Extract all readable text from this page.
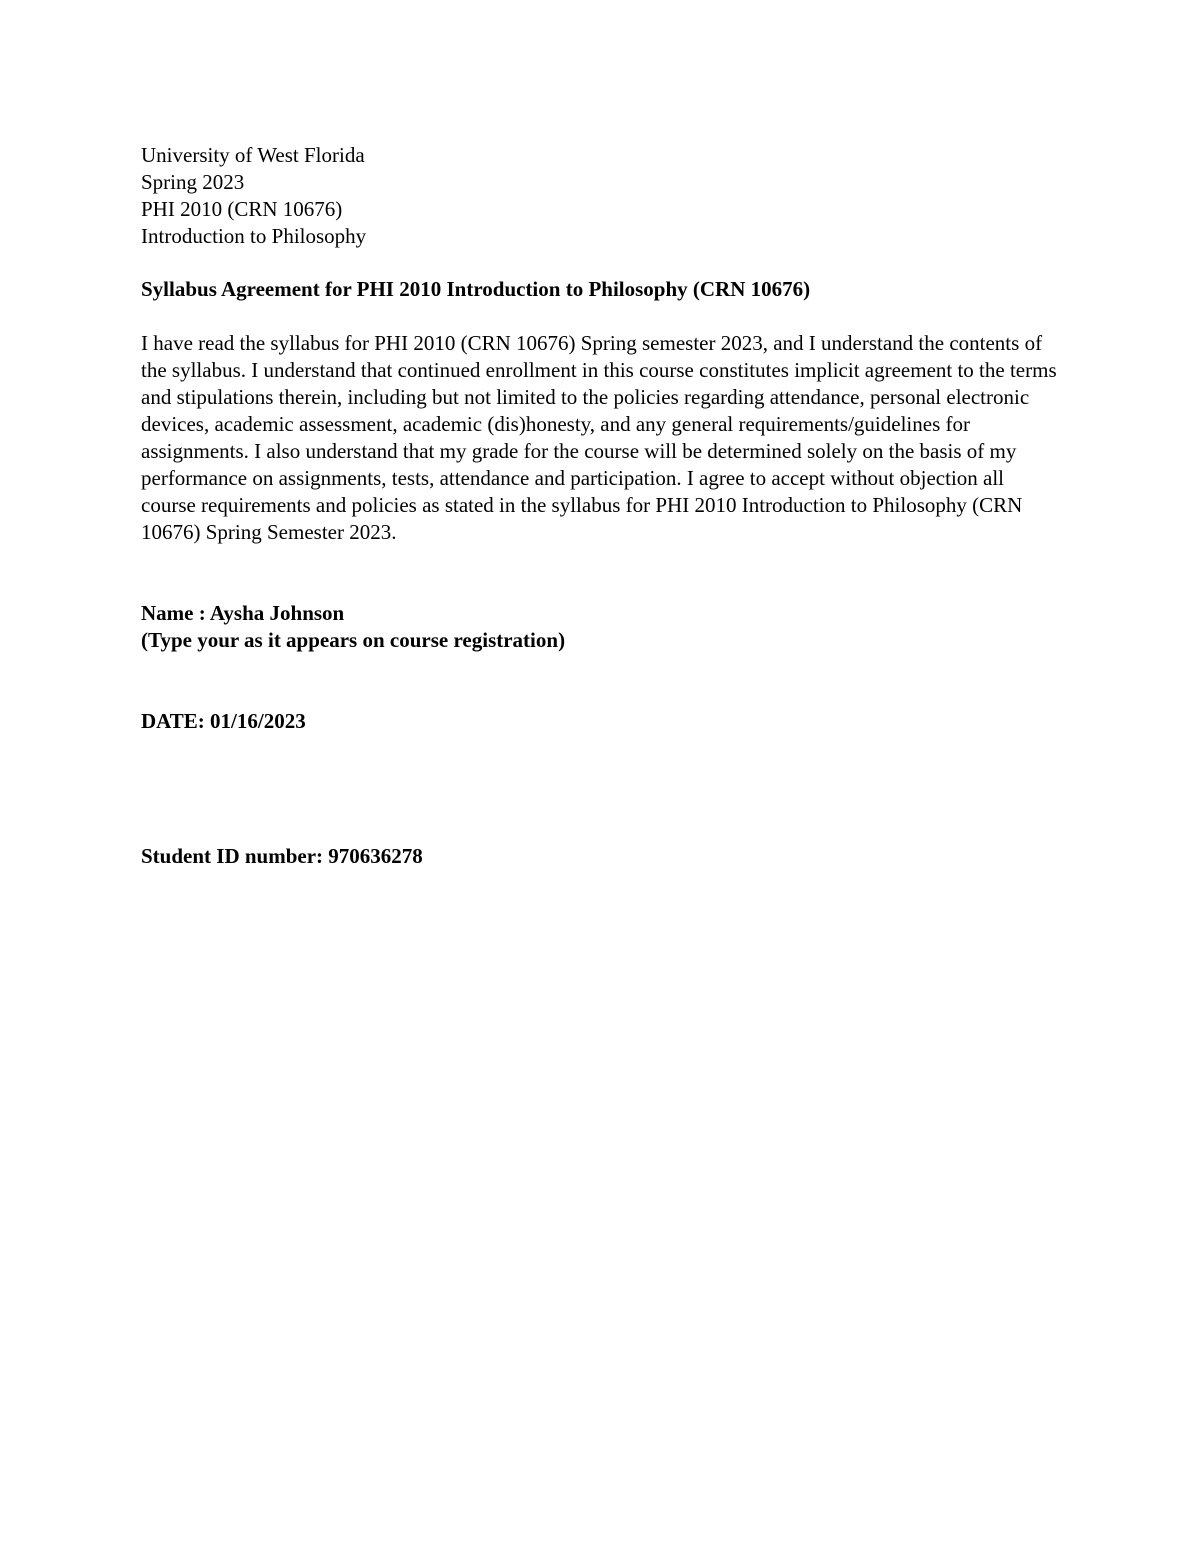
University of West Florida
Spring 2023
PHI 2010 (CRN 10676)
Introduction to Philosophy
Syllabus Agreement for PHI 2010 Introduction to Philosophy (CRN 10676)

I have read the syllabus for PHI 2010 (CRN 10676) Spring semester 2023, and I understand the contents of the syllabus. I understand that continued enrollment in this course constitutes implicit agreement to the terms and stipulations therein, including but not limited to the policies regarding attendance, personal electronic devices, academic assessment, academic (dis)honesty, and any general requirements/guidelines for assignments. I also understand that my grade for the course will be determined solely on the basis of my performance on assignments, tests, attendance and participation. I agree to accept without objection all course requirements and policies as stated in the syllabus for PHI 2010 Introduction to Philosophy (CRN 10676) Spring Semester 2023.

Name : Aysha Johnson
(Type your as it appears on course registration)
DATE: 01/16/2023
Student ID number: 970636278
